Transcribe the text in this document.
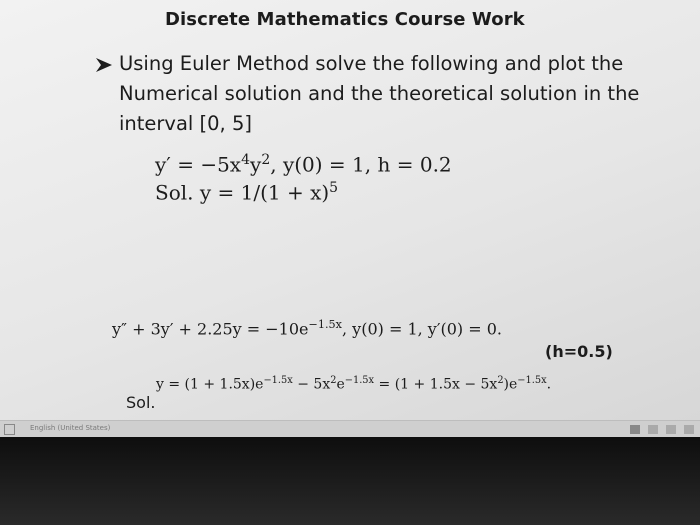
Discrete Mathematics Course Work
Using Euler Method solve the following and plot the Numerical solution and the theoretical solution in the interval [0, 5]
$y' = -5x^4y^2$, y(0) = 1, h = 0.2
Sol. $y = 1/(1 + x)^5$
$y'' + 3y' + 2.25y = -10e^{-1.5x}$, y(0) = 1, y′(0) = 0.
(h=0.5)
Sol.
$y = (1 + 1.5x)e^{-1.5x} - 5x^2e^{-1.5x} = (1 + 1.5x - 5x^2)e^{-1.5x}$.
English (United States)
